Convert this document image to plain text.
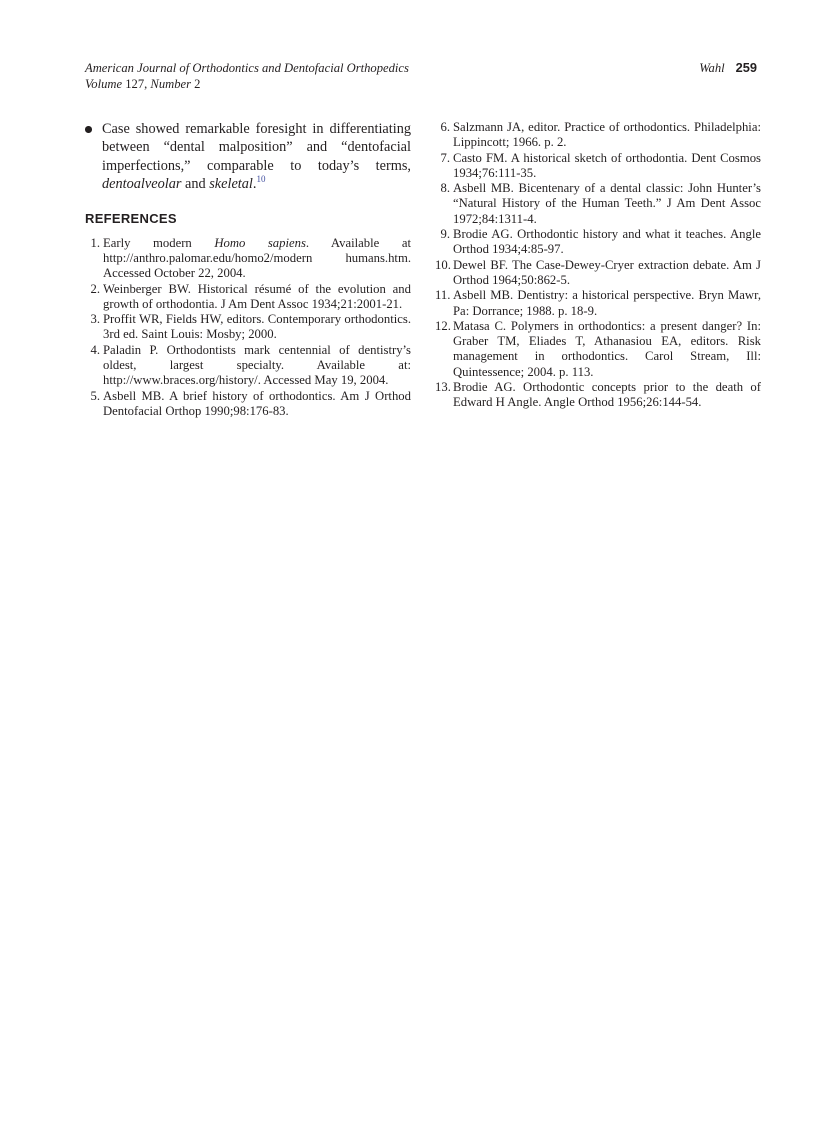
American Journal of Orthodontics and Dentofacial Orthopedics
Volume 127, Number 2
Wahl 259

Case showed remarkable foresight in differentiating between “dental malposition” and “dentofacial imperfections,” comparable to today’s terms, dentoalveolar and skeletal.$^{10}$

REFERENCES
1. Early modern Homo sapiens. Available at http://anthro.palomar.edu/homo2/modern humans.htm. Accessed October 22, 2004.
2. Weinberger BW. Historical résumé of the evolution and growth of orthodontia. J Am Dent Assoc 1934;21:2001-21.
3. Proffit WR, Fields HW, editors. Contemporary orthodontics. 3rd ed. Saint Louis: Mosby; 2000.
4. Paladin P. Orthodontists mark centennial of dentistry’s oldest, largest specialty. Available at: http://www.braces.org/history/. Accessed May 19, 2004.
5. Asbell MB. A brief history of orthodontics. Am J Orthod Dentofacial Orthop 1990;98:176-83.
6. Salzmann JA, editor. Practice of orthodontics. Philadelphia: Lippincott; 1966. p. 2.
7. Casto FM. A historical sketch of orthodontia. Dent Cosmos 1934;76:111-35.
8. Asbell MB. Bicentenary of a dental classic: John Hunter’s “Natural History of the Human Teeth.” J Am Dent Assoc 1972;84:1311-4.
9. Brodie AG. Orthodontic history and what it teaches. Angle Orthod 1934;4:85-97.
10. Dewel BF. The Case-Dewey-Cryer extraction debate. Am J Orthod 1964;50:862-5.
11. Asbell MB. Dentistry: a historical perspective. Bryn Mawr, Pa: Dorrance; 1988. p. 18-9.
12. Matasa C. Polymers in orthodontics: a present danger? In: Graber TM, Eliades T, Athanasiou EA, editors. Risk management in orthodontics. Carol Stream, Ill: Quintessence; 2004. p. 113.
13. Brodie AG. Orthodontic concepts prior to the death of Edward H Angle. Angle Orthod 1956;26:144-54.
